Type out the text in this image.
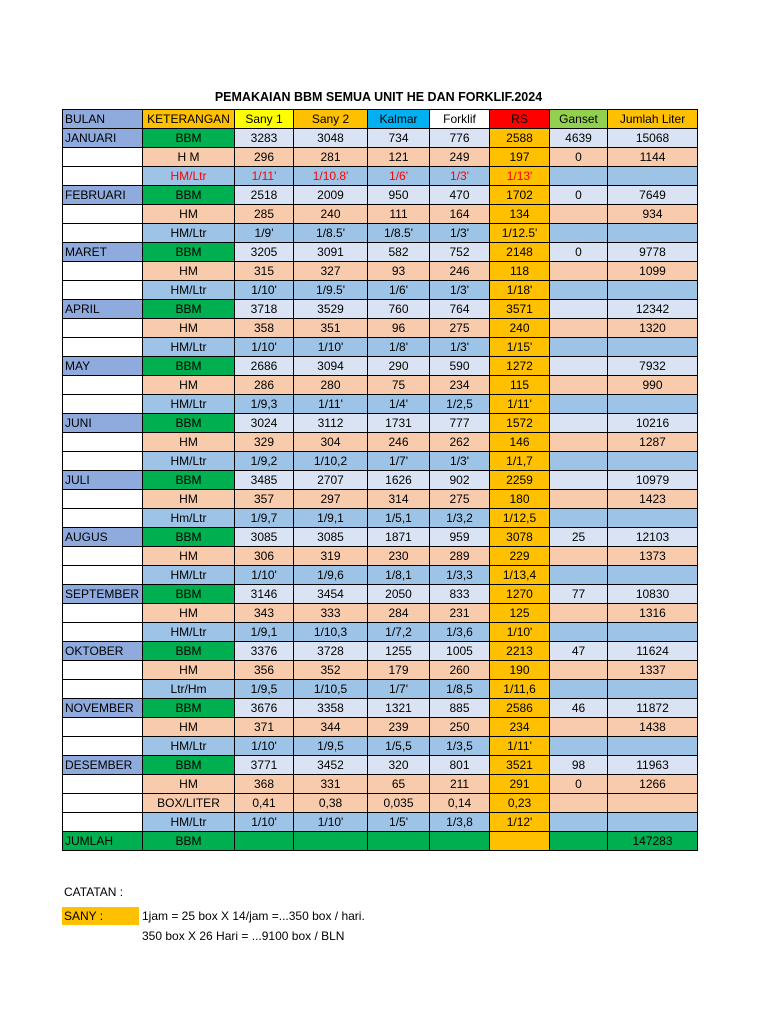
PEMAKAIAN BBM SEMUA UNIT HE DAN FORKLIF.2024
BULAN	KETERANGAN	Sany 1	Sany 2	Kalmar	Forklif	RS	Ganset	Jumlah Liter
JANUARI	BBM	3283	3048	734	776	2588	4639	15068
	H M	296	281	121	249	197	0	1144
	HM/Ltr	1/11'	1/10.8'	1/6'	1/3'	1/13'		
FEBRUARI	BBM	2518	2009	950	470	1702	0	7649
	HM	285	240	111	164	134		934
	HM/Ltr	1/9'	1/8.5'	1/8.5'	1/3'	1/12.5'		
MARET	BBM	3205	3091	582	752	2148	0	9778
	HM	315	327	93	246	118		1099
	HM/Ltr	1/10'	1/9.5'	1/6'	1/3'	1/18'		
APRIL	BBM	3718	3529	760	764	3571		12342
	HM	358	351	96	275	240		1320
	HM/Ltr	1/10'	1/10'	1/8'	1/3'	1/15'		
MAY	BBM	2686	3094	290	590	1272		7932
	HM	286	280	75	234	115		990
	HM/Ltr	1/9,3	1/11'	1/4'	1/2,5	1/11'		
JUNI	BBM	3024	3112	1731	777	1572		10216
	HM	329	304	246	262	146		1287
	HM/Ltr	1/9,2	1/10,2	1/7'	1/3'	1/1,7		
JULI	BBM	3485	2707	1626	902	2259		10979
	HM	357	297	314	275	180		1423
	Hm/Ltr	1/9,7	1/9,1	1/5,1	1/3,2	1/12,5		
AUGUS	BBM	3085	3085	1871	959	3078	25	12103
	HM	306	319	230	289	229		1373
	HM/Ltr	1/10'	1/9,6	1/8,1	1/3,3	1/13,4		
SEPTEMBER	BBM	3146	3454	2050	833	1270	77	10830
	HM	343	333	284	231	125		1316
	HM/Ltr	1/9,1	1/10,3	1/7,2	1/3,6	1/10'		
OKTOBER	BBM	3376	3728	1255	1005	2213	47	11624
	HM	356	352	179	260	190		1337
	Ltr/Hm	1/9,5	1/10,5	1/7'	1/8,5	1/11,6		
NOVEMBER	BBM	3676	3358	1321	885	2586	46	11872
	HM	371	344	239	250	234		1438
	HM/Ltr	1/10'	1/9,5	1/5,5	1/3,5	1/11'		
DESEMBER	BBM	3771	3452	320	801	3521	98	11963
	HM	368	331	65	211	291	0	1266
	BOX/LITER	0,41	0,38	0,035	0,14	0,23		
	HM/Ltr	1/10'	1/10'	1/5'	1/3,8	1/12'		
JUMLAH	BBM							147283
CATATAN :
SANY :	1jam = 25 box X 14/jam =...350 box / hari.
350 box X 26 Hari = ...9100 box / BLN
